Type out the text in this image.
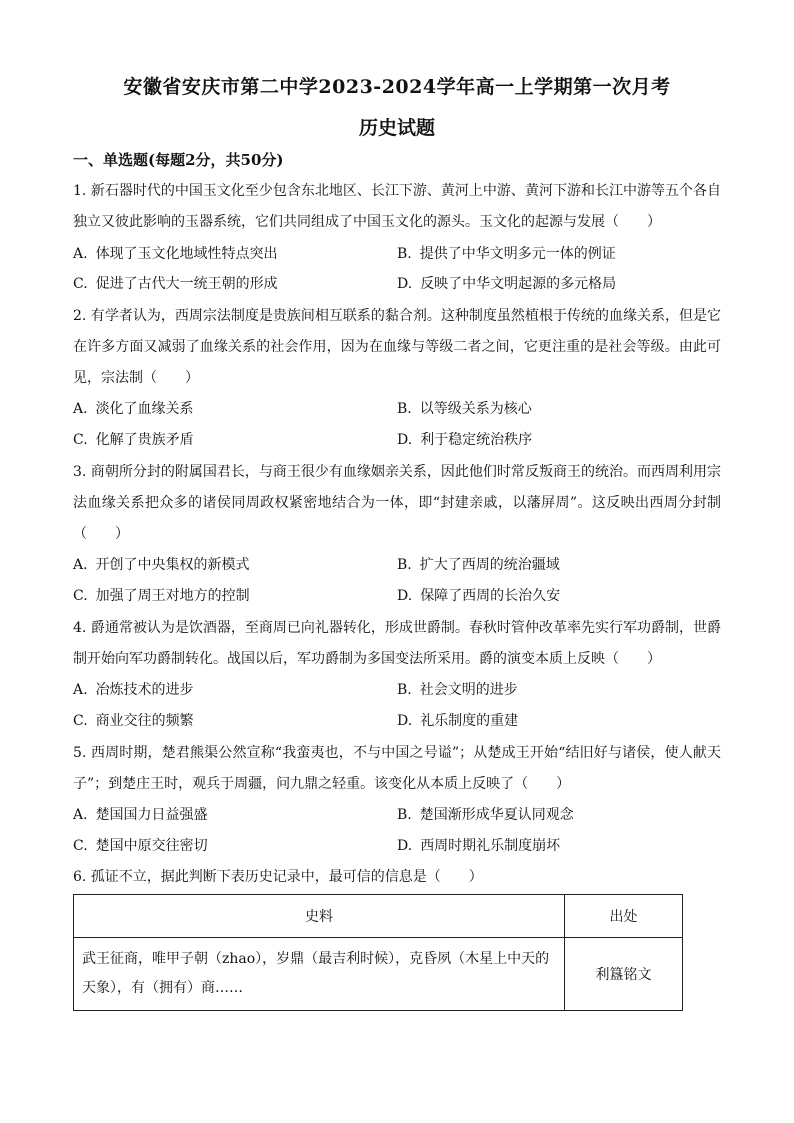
安徽省安庆市第二中学2023-2024学年高一上学期第一次月考
历史试题
一、单选题(每题2分，共50分)
1. 新石器时代的中国玉文化至少包含东北地区、长江下游、黄河上中游、黄河下游和长江中游等五个各自独立又彼此影响的玉器系统，它们共同组成了中国玉文化的源头。玉文化的起源与发展（　　）
A. 体现了玉文化地域性特点突出	B. 提供了中华文明多元一体的例证
C. 促进了古代大一统王朝的形成	D. 反映了中华文明起源的多元格局
2. 有学者认为，西周宗法制度是贵族间相互联系的黏合剂。这种制度虽然植根于传统的血缘关系，但是它在许多方面又减弱了血缘关系的社会作用，因为在血缘与等级二者之间，它更注重的是社会等级。由此可见，宗法制（　　）
A. 淡化了血缘关系	B. 以等级关系为核心
C. 化解了贵族矛盾	D. 利于稳定统治秩序
3. 商朝所分封的附属国君长，与商王很少有血缘姻亲关系，因此他们时常反叛商王的统治。而西周利用宗法血缘关系把众多的诸侯同周政权紧密地结合为一体，即“封建亲戚，以藩屏周”。这反映出西周分封制（　　）
A. 开创了中央集权的新模式	B. 扩大了西周的统治疆域
C. 加强了周王对地方的控制	D. 保障了西周的长治久安
4. 爵通常被认为是饮酒器，至商周已向礼器转化，形成世爵制。春秋时管仲改革率先实行军功爵制，世爵制开始向军功爵制转化。战国以后，军功爵制为多国变法所采用。爵的演变本质上反映（　　）
A. 冶炼技术的进步	B. 社会文明的进步
C. 商业交往的频繁	D. 礼乐制度的重建
5. 西周时期，楚君熊渠公然宣称“我蛮夷也，不与中国之号谥”；从楚成王开始“结旧好与诸侯，使人献天子”；到楚庄王时，观兵于周疆，问九鼎之轻重。该变化从本质上反映了（　　）
A. 楚国国力日益强盛	B. 楚国渐形成华夏认同观念
C. 楚国中原交往密切	D. 西周时期礼乐制度崩坏
6. 孤证不立，据此判断下表历史记录中，最可信的信息是（　　）
史料	出处
武王征商，唯甲子朝（zhao），岁鼎（最吉利时候），克昏夙（木星上中天的天象），有（拥有）商……	利簋铭文
